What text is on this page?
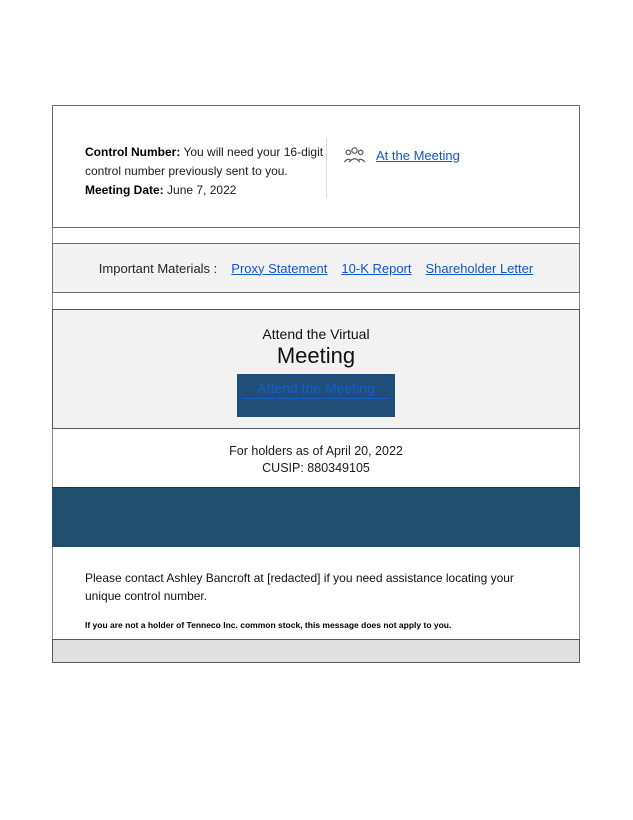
Control Number: You will need your 16-digit control number previously sent to you.
Meeting Date: June 7, 2022
At the Meeting
Important Materials : Proxy Statement 10-K Report Shareholder Letter
Attend the Virtual
Meeting
Attend the Meeting
For holders as of April 20, 2022
CUSIP: 880349105
Please contact Ashley Bancroft at [redacted] if you need assistance locating your unique control number.
If you are not a holder of Tenneco Inc. common stock, this message does not apply to you.
